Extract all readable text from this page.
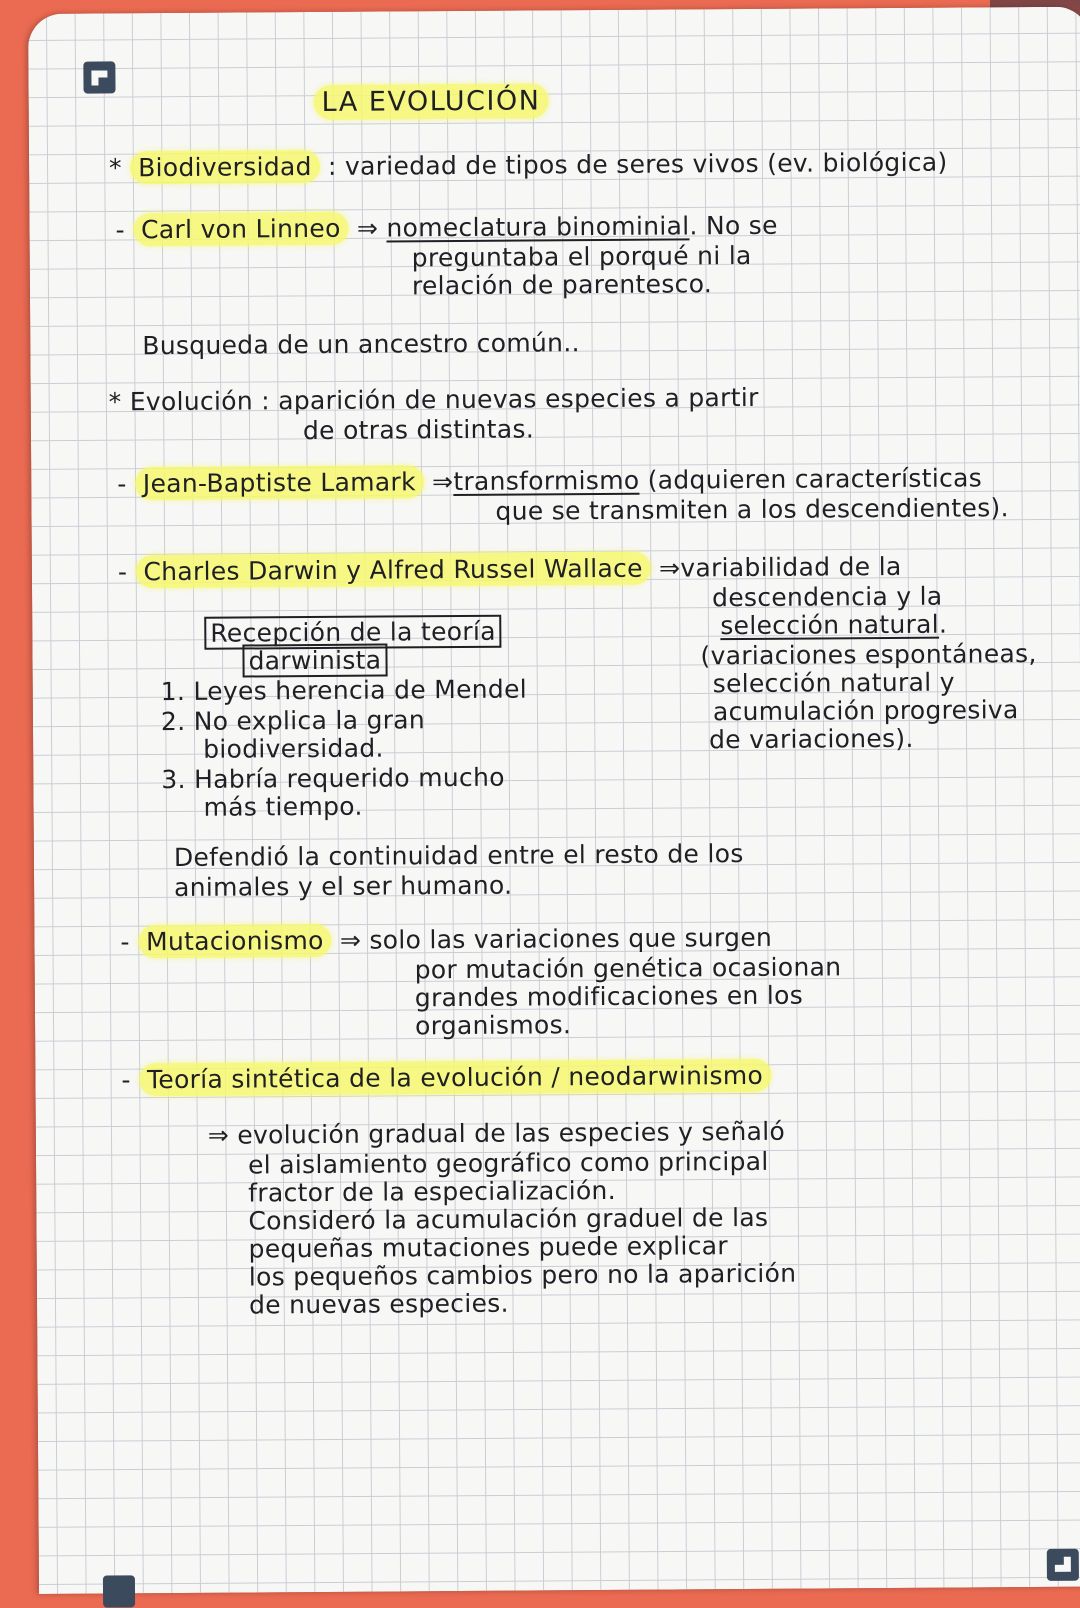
LA EVOLUCIÓN
* Biodiversidad : variedad de tipos de seres vivos (ev. biológica)
- Carl von Linneo ⇒ nomeclatura binominial. No se
preguntaba el porqué ni la
relación de parentesco.
Busqueda de un ancestro común..
* Evolución : aparición de nuevas especies a partir
de otras distintas.
- Jean-Baptiste Lamark ⇒transformismo (adquieren características
que se transmiten a los descendientes).
- Charles Darwin y Alfred Russel Wallace ⇒variabilidad de la
descendencia y la
selección natural.
(variaciones espontáneas,
selección natural y
acumulación progresiva
de variaciones).
Recepción de la teoría
darwinista
1. Leyes herencia de Mendel
2. No explica la gran
biodiversidad.
3. Habría requerido mucho
más tiempo.
Defendió la continuidad entre el resto de los
animales y el ser humano.
- Mutacionismo ⇒ solo las variaciones que surgen
por mutación genética ocasionan
grandes modificaciones en los
organismos.
- Teoría sintética de la evolución / neodarwinismo
⇒ evolución gradual de las especies y señaló
el aislamiento geográfico como principal
fractor de la especialización.
Consideró la acumulación graduel de las
pequeñas mutaciones puede explicar
los pequeños cambios pero no la aparición
de nuevas especies.
